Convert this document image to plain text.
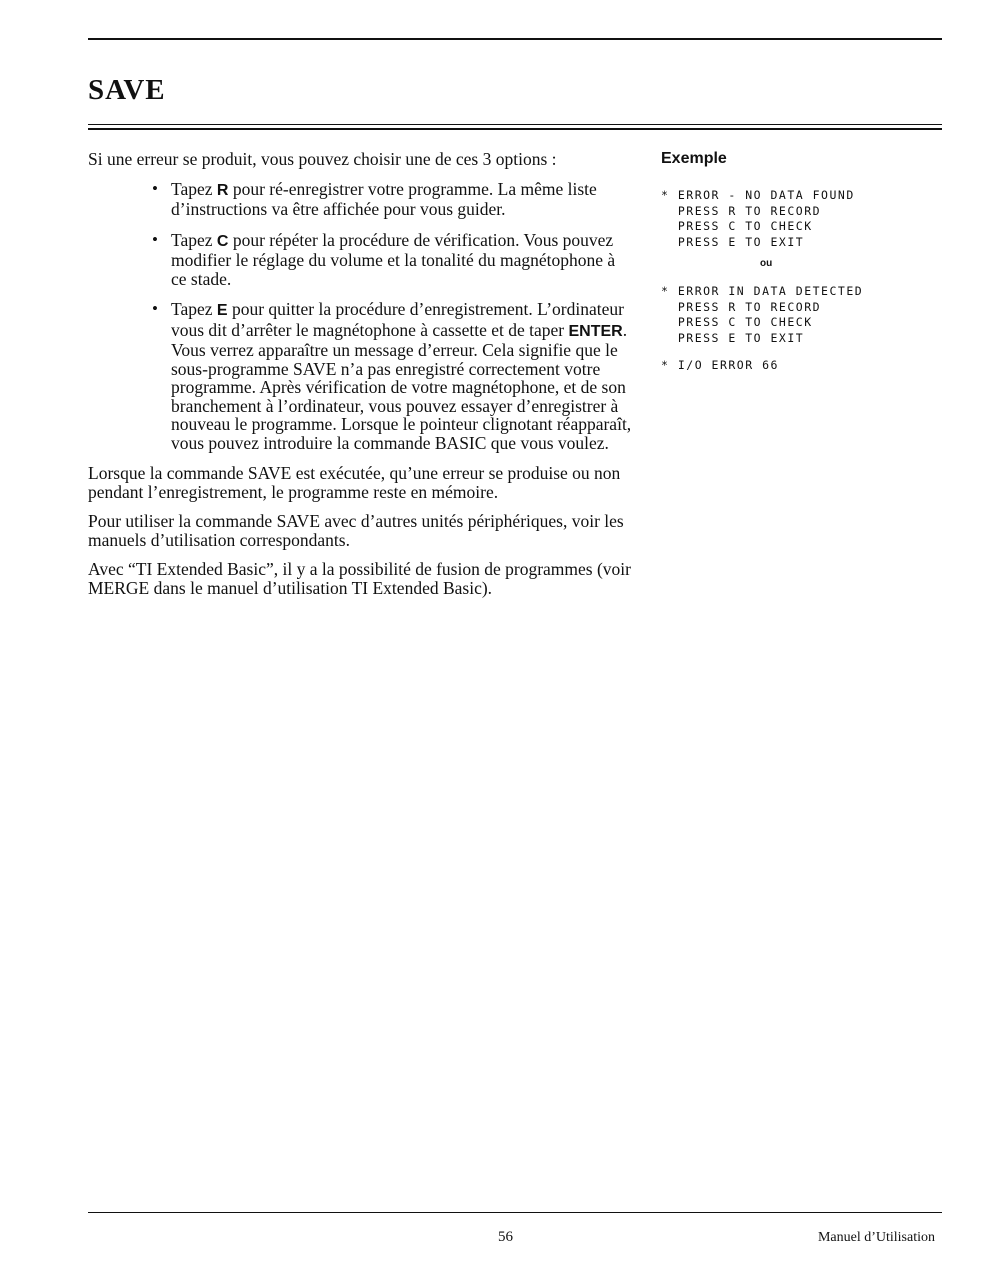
SAVE

Si une erreur se produit, vous pouvez choisir une de ces 3 options :

• Tapez R pour ré-enregistrer votre programme. La même liste d’instructions va être affichée pour vous guider.
• Tapez C pour répéter la procédure de vérification. Vous pouvez modifier le réglage du volume et la tonalité du magnétophone à ce stade.
• Tapez E pour quitter la procédure d’enregistrement. L’ordinateur vous dit d’arrêter le magnétophone à cassette et de taper ENTER. Vous verrez apparaître un message d’erreur. Cela signifie que le sous-programme SAVE n’a pas enregistré correctement votre programme. Après vérification de votre magnétophone, et de son branchement à l’ordinateur, vous pouvez essayer d’enregistrer à nouveau le programme. Lorsque le pointeur clignotant réapparaît, vous pouvez introduire la commande BASIC que vous voulez.

Lorsque la commande SAVE est exécutée, qu’une erreur se produise ou non pendant l’enregistrement, le programme reste en mémoire.

Pour utiliser la commande SAVE avec d’autres unités périphériques, voir les manuels d’utilisation correspondants.

Avec “TI Extended Basic”, il y a la possibilité de fusion de programmes (voir MERGE dans le manuel d’utilisation TI Extended Basic).

Exemple
* ERROR - NO DATA FOUND
PRESS R TO RECORD
PRESS C TO CHECK
PRESS E TO EXIT
ou
* ERROR IN DATA DETECTED
PRESS R TO RECORD
PRESS C TO CHECK
PRESS E TO EXIT
* I/O ERROR 66
56	Manuel d’Utilisation
